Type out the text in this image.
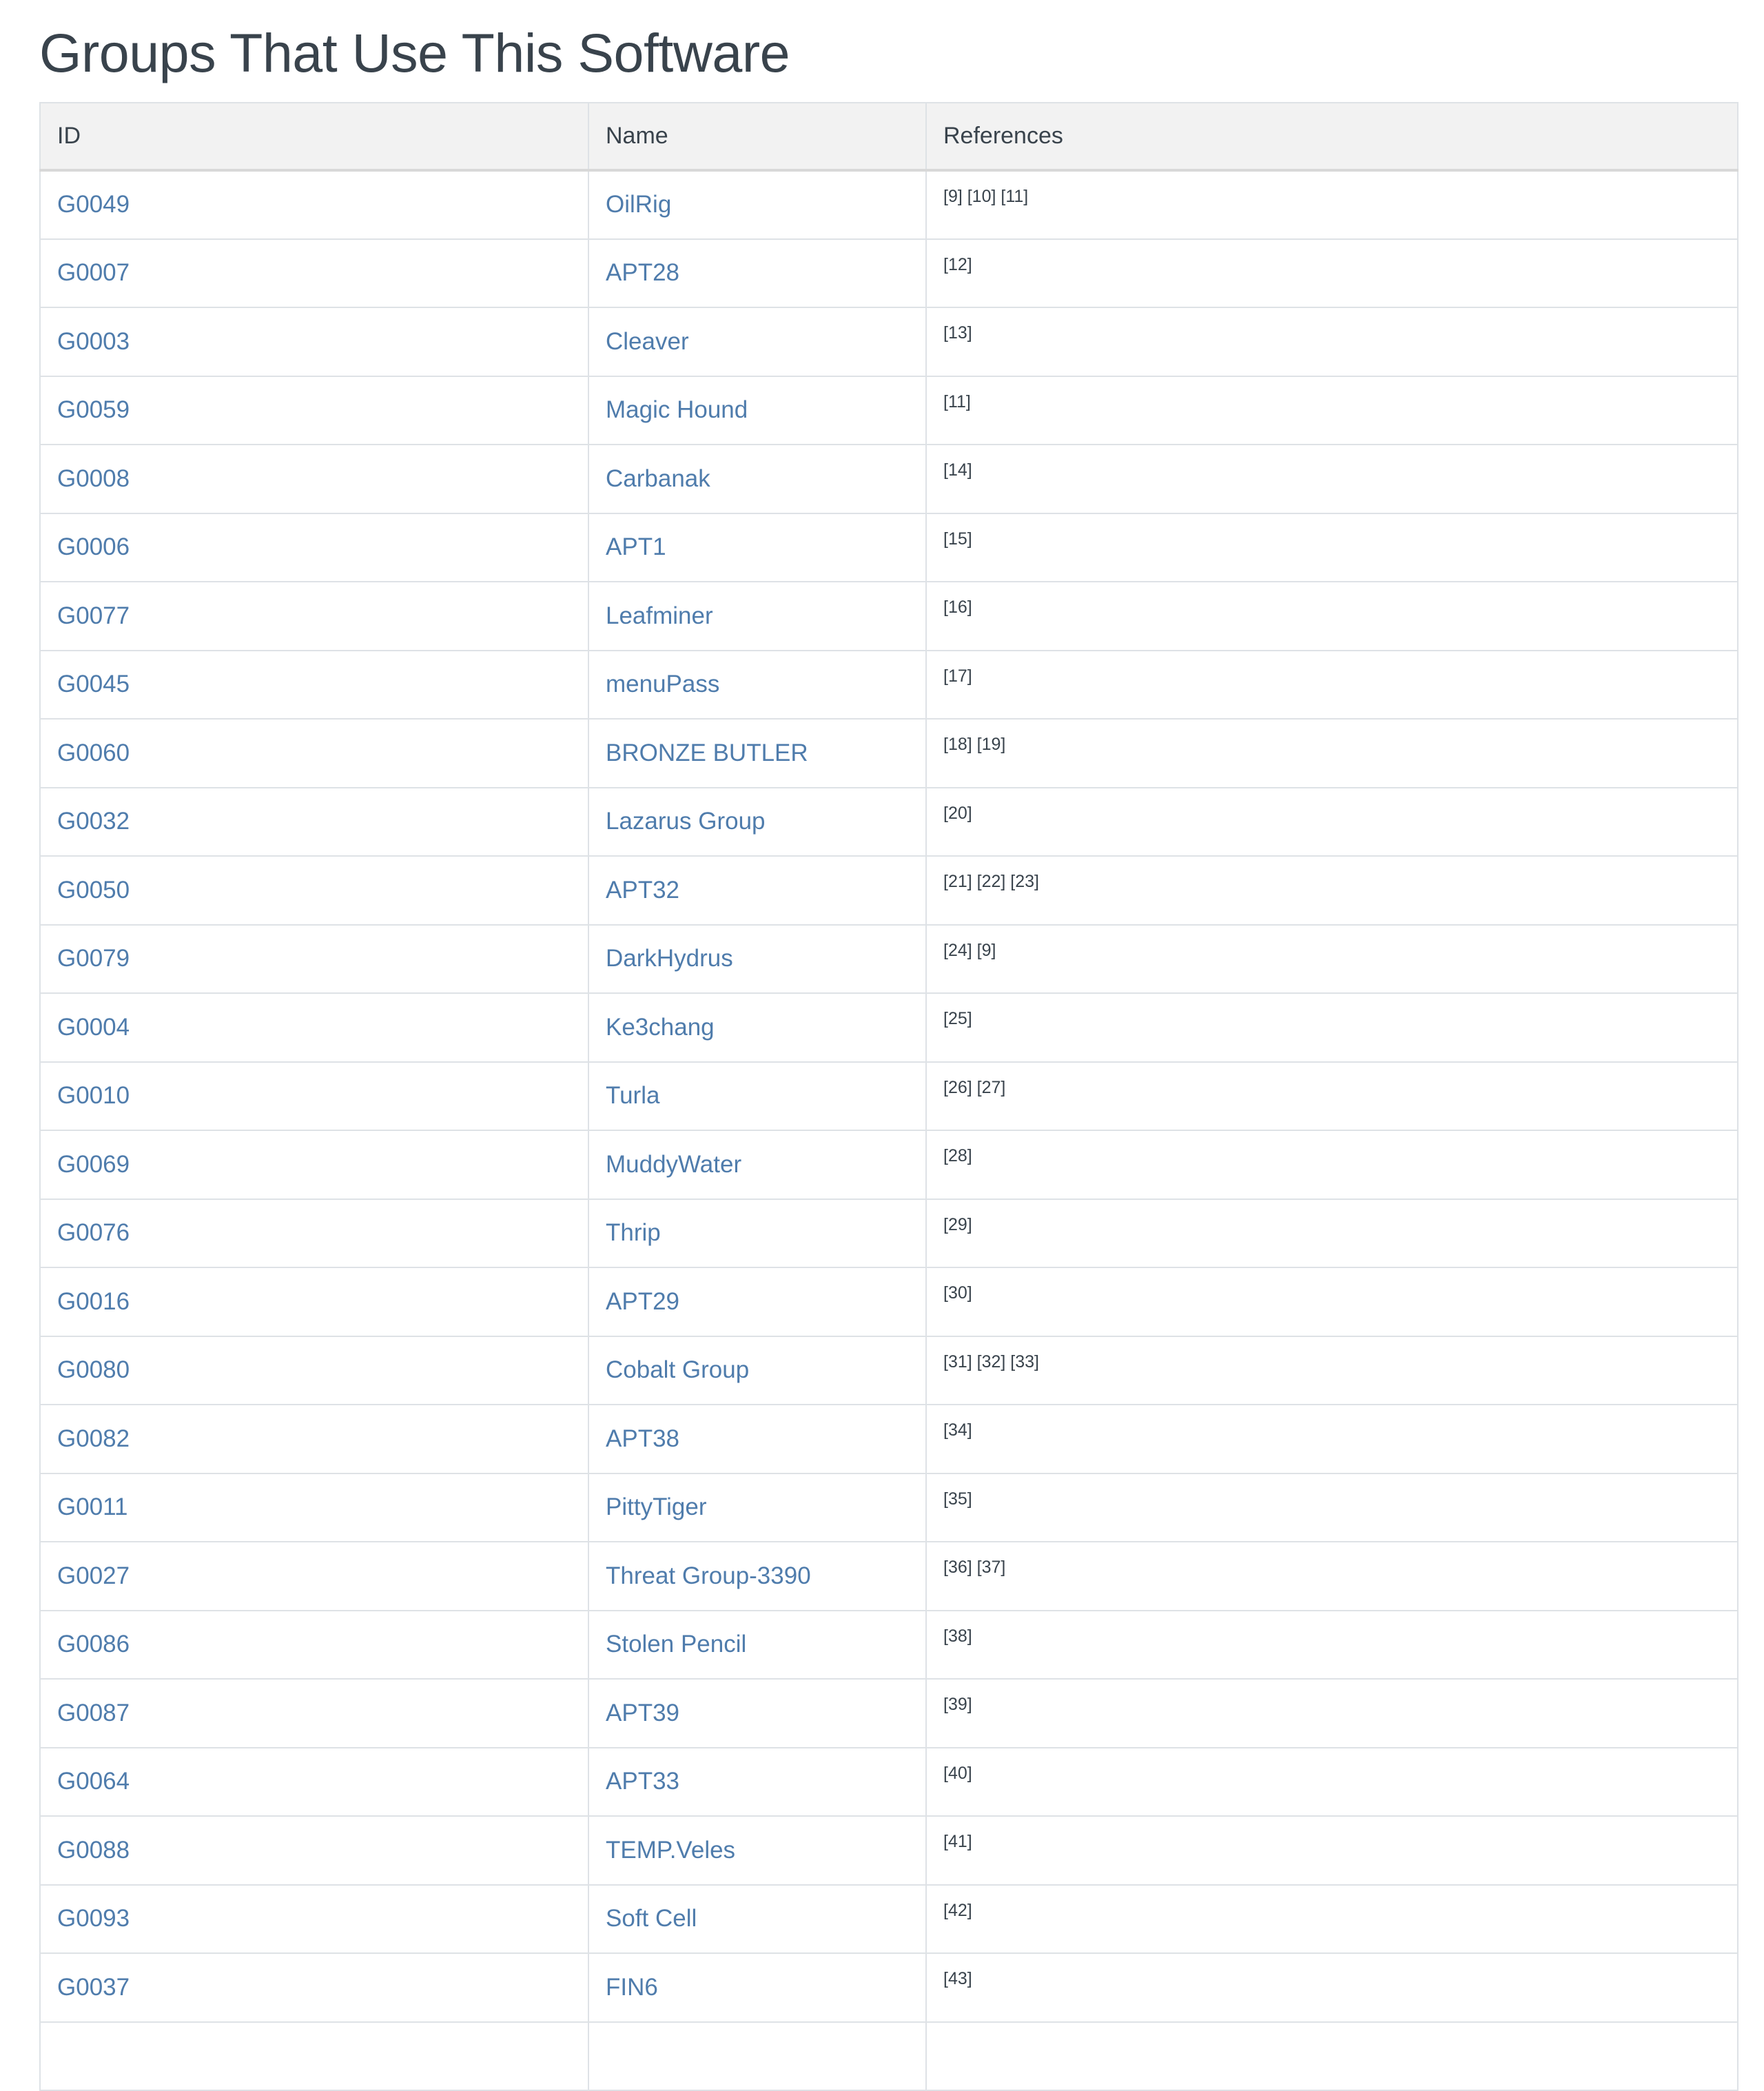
Groups That Use This Software
ID	Name	References
G0049	OilRig	[9] [10] [11]
G0007	APT28	[12]
G0003	Cleaver	[13]
G0059	Magic Hound	[11]
G0008	Carbanak	[14]
G0006	APT1	[15]
G0077	Leafminer	[16]
G0045	menuPass	[17]
G0060	BRONZE BUTLER	[18] [19]
G0032	Lazarus Group	[20]
G0050	APT32	[21] [22] [23]
G0079	DarkHydrus	[24] [9]
G0004	Ke3chang	[25]
G0010	Turla	[26] [27]
G0069	MuddyWater	[28]
G0076	Thrip	[29]
G0016	APT29	[30]
G0080	Cobalt Group	[31] [32] [33]
G0082	APT38	[34]
G0011	PittyTiger	[35]
G0027	Threat Group-3390	[36] [37]
G0086	Stolen Pencil	[38]
G0087	APT39	[39]
G0064	APT33	[40]
G0088	TEMP.Veles	[41]
G0093	Soft Cell	[42]
G0037	FIN6	[43]
